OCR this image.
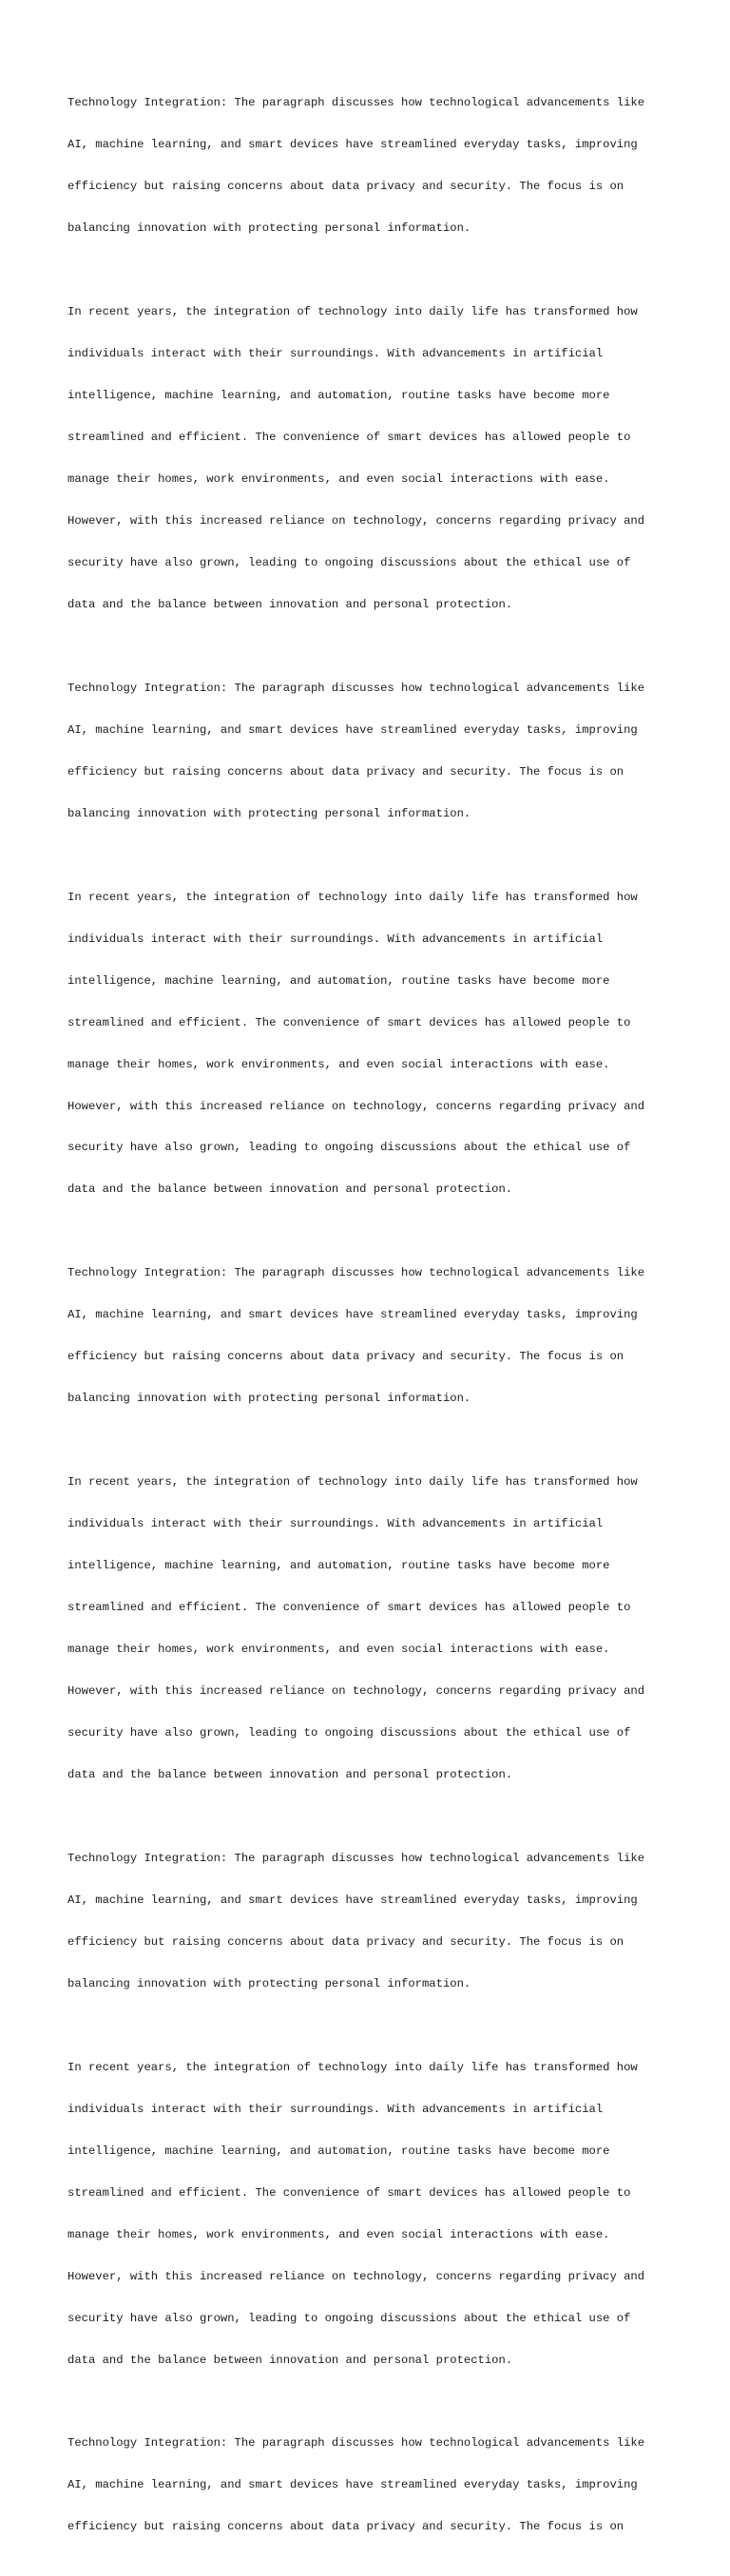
Technology Integration: The paragraph discusses how technological advancements like

AI, machine learning, and smart devices have streamlined everyday tasks, improving

efficiency but raising concerns about data privacy and security. The focus is on

balancing innovation with protecting personal information.

In recent years, the integration of technology into daily life has transformed how

individuals interact with their surroundings. With advancements in artificial

intelligence, machine learning, and automation, routine tasks have become more

streamlined and efficient. The convenience of smart devices has allowed people to

manage their homes, work environments, and even social interactions with ease.

However, with this increased reliance on technology, concerns regarding privacy and

security have also grown, leading to ongoing discussions about the ethical use of

data and the balance between innovation and personal protection.

Technology Integration: The paragraph discusses how technological advancements like

AI, machine learning, and smart devices have streamlined everyday tasks, improving

efficiency but raising concerns about data privacy and security. The focus is on

balancing innovation with protecting personal information.

In recent years, the integration of technology into daily life has transformed how

individuals interact with their surroundings. With advancements in artificial

intelligence, machine learning, and automation, routine tasks have become more

streamlined and efficient. The convenience of smart devices has allowed people to

manage their homes, work environments, and even social interactions with ease.

However, with this increased reliance on technology, concerns regarding privacy and

security have also grown, leading to ongoing discussions about the ethical use of

data and the balance between innovation and personal protection.

Technology Integration: The paragraph discusses how technological advancements like

AI, machine learning, and smart devices have streamlined everyday tasks, improving

efficiency but raising concerns about data privacy and security. The focus is on

balancing innovation with protecting personal information.

In recent years, the integration of technology into daily life has transformed how

individuals interact with their surroundings. With advancements in artificial

intelligence, machine learning, and automation, routine tasks have become more

streamlined and efficient. The convenience of smart devices has allowed people to

manage their homes, work environments, and even social interactions with ease.

However, with this increased reliance on technology, concerns regarding privacy and

security have also grown, leading to ongoing discussions about the ethical use of

data and the balance between innovation and personal protection.

Technology Integration: The paragraph discusses how technological advancements like

AI, machine learning, and smart devices have streamlined everyday tasks, improving

efficiency but raising concerns about data privacy and security. The focus is on

balancing innovation with protecting personal information.

In recent years, the integration of technology into daily life has transformed how

individuals interact with their surroundings. With advancements in artificial

intelligence, machine learning, and automation, routine tasks have become more

streamlined and efficient. The convenience of smart devices has allowed people to

manage their homes, work environments, and even social interactions with ease.

However, with this increased reliance on technology, concerns regarding privacy and

security have also grown, leading to ongoing discussions about the ethical use of

data and the balance between innovation and personal protection.

Technology Integration: The paragraph discusses how technological advancements like

AI, machine learning, and smart devices have streamlined everyday tasks, improving

efficiency but raising concerns about data privacy and security. The focus is on
